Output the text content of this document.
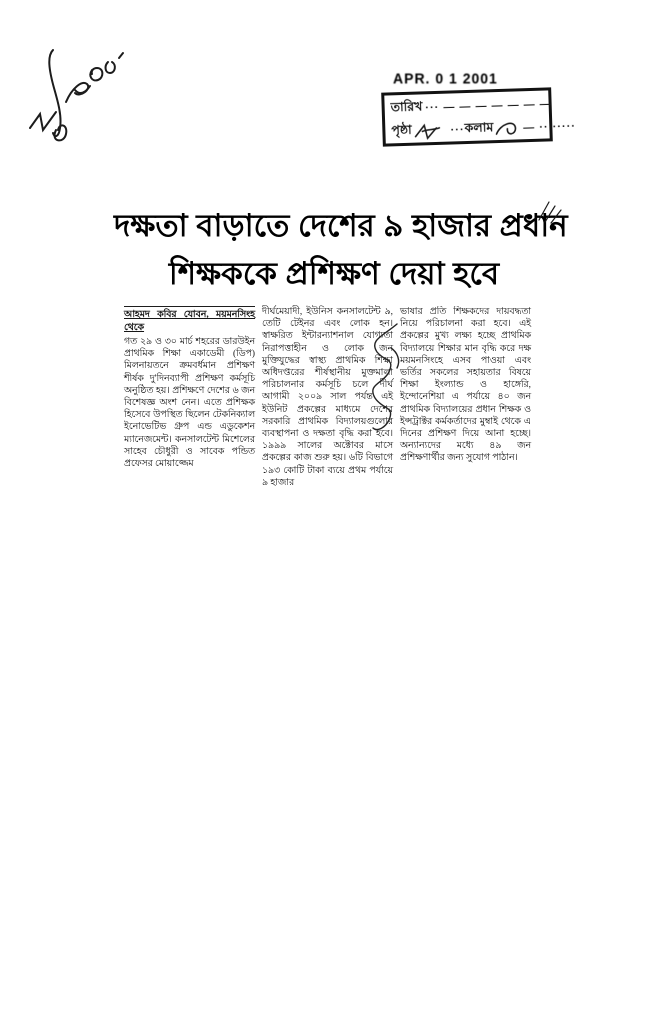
APR. 0 1 2001
তারিখ ··· — — — — — — —
পৃষ্ঠা	··· কলাম	— ·· ·····
দক্ষতা বাড়াতে দেশের ৯ হাজার প্রধান
শিক্ষককে প্রশিক্ষণ দেয়া হবে
আহমদ কবির যোবন, ময়মনসিংহ থেকে
গত ২৯ ও ৩০ মার্চ শহরের ডারউইন প্রাথমিক শিক্ষা একাডেমী (ডিপ) মিলনায়তনে ক্রমবর্ধমান প্রশিক্ষণ শীর্ষক দু'দিনব্যাপী প্রশিক্ষণ কর্মসূচি অনুষ্ঠিত হয়। প্রশিক্ষণে দেশের ৬ জন বিশেষজ্ঞ অংশ নেন। এতে প্রশিক্ষক হিসেবে উপস্থিত ছিলেন টেকনিক্যাল ইনোভেটিভ গ্রুপ এন্ড এডুকেশন ম্যানেজমেন্ট। কনসালটেন্ট মিশেলের সাহেব চৌধুরী ও সাবেক পন্ডিত প্রফেসর মোয়াজ্জেম
দীর্ঘমেয়াদী, ইউনিস কনসালটেন্ট ৯, তেটি টেইনর এবং লোক হন। স্বাক্ষরিত ইন্টারন্যাশনাল যোগ্যতা নিরাপত্তাহীন ও লোক জন মুক্তিযুদ্ধের স্বাস্থ্য প্রাথমিক শিক্ষা অধিদপ্তরের শীর্ষস্থানীয় মুক্তমালা পরিচালনার কর্মসূচি চলে দীর্ঘ আগামী ২০০৯ সাল পর্যন্ত এই ইউনিট প্রকল্পের মাধ্যমে দেশের সরকারি প্রাথমিক বিদ্যালয়গুলোর ব্যবস্থাপনা ও দক্ষতা বৃদ্ধি করা হবে। ১৯৯৯ সালের অক্টোবর মাসে প্রকল্পের কাজ শুরু হয়। ৬টি বিভাগে ১৯৩ কোটি টাকা ব্যয়ে প্রথম পর্যায়ে ৯ হাজার
ভাষার প্রতি শিক্ষকদের দায়বদ্ধতা নিয়ে পরিচালনা করা হবে। এই প্রকল্পের মুখ্য লক্ষ্য হচ্ছে প্রাথমিক বিদ্যালয়ে শিক্ষার মান বৃদ্ধি করে দক্ষ ময়মনসিংহে এসব পাওয়া এবং ভর্তির সকলের সহায়তার বিষয়ে শিক্ষা ইংল্যান্ড ও হাঙ্গেরি, ইন্দোনেশিয়া এ পর্যায়ে ৪০ জন প্রাথমিক বিদ্যালয়ের প্রধান শিক্ষক ও ইন্সট্রাক্টর কর্মকর্তাদের মুম্বাই থেকে এ দিনের প্রশিক্ষণ দিয়ে আনা হচ্ছে। অন্যান্যদের মধ্যে ৪৯ জন প্রশিক্ষণার্থীর জন্য সুযোগ পাঠান।
